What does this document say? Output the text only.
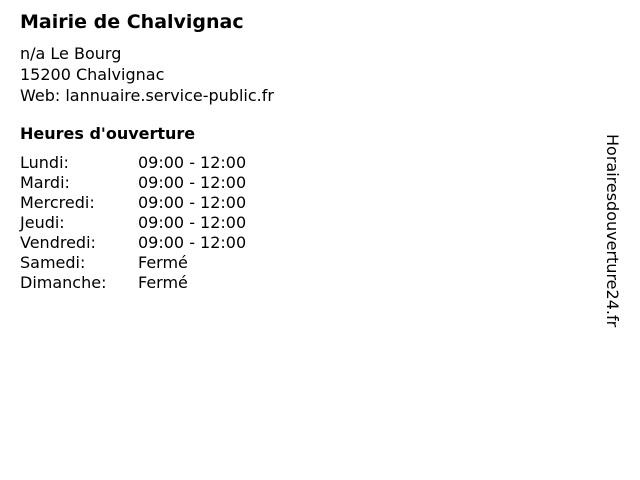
Mairie de Chalvignac
n/a Le Bourg
15200 Chalvignac
Web: lannuaire.service-public.fr
Heures d'ouverture
Lundi:	09:00 - 12:00
Mardi:	09:00 - 12:00
Mercredi:	09:00 - 12:00
Jeudi:	09:00 - 12:00
Vendredi:	09:00 - 12:00
Samedi:	Fermé
Dimanche: Fermé	Horairesdouverture24.fr
